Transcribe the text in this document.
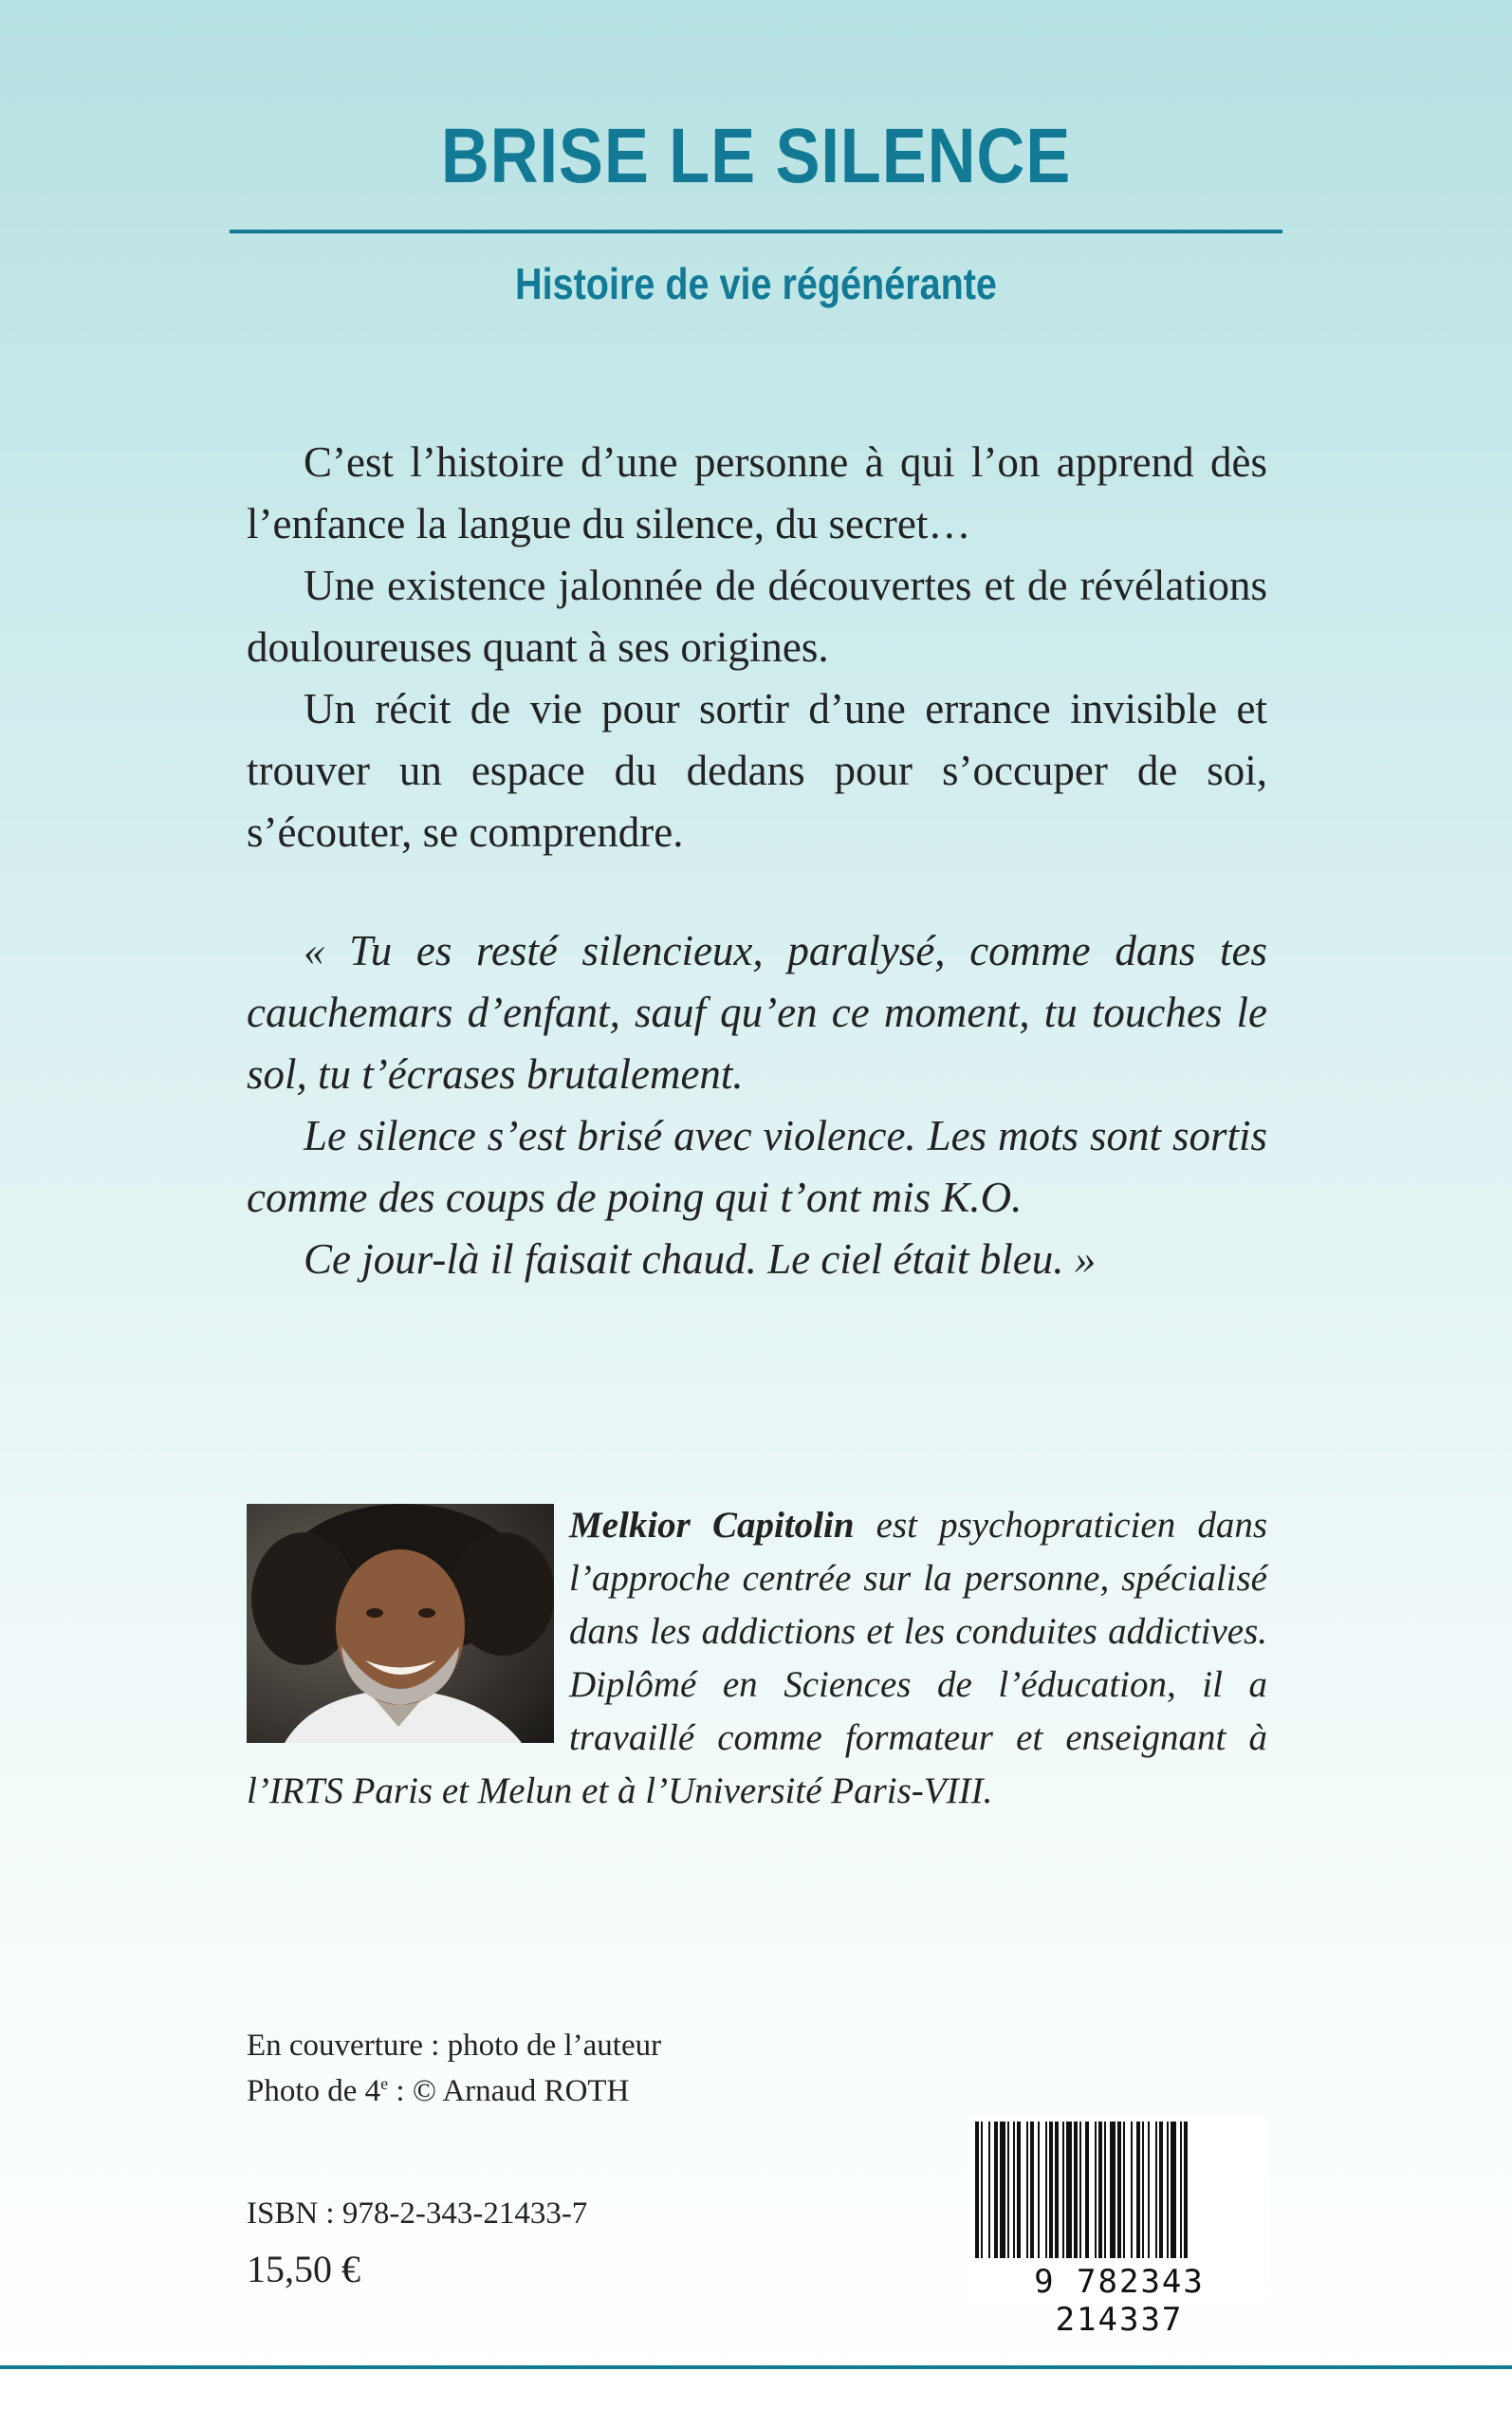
BRISE LE SILENCE
Histoire de vie régénérante

C’est l’histoire d’une personne à qui l’on apprend dès l’enfance la langue du silence, du secret…

Une existence jalonnée de découvertes et de révélations douloureuses quant à ses origines.

Un récit de vie pour sortir d’une errance invisible et trouver un espace du dedans pour s’occuper de soi, s’écouter, se comprendre.

« Tu es resté silencieux, paralysé, comme dans tes cauchemars d’enfant, sauf qu’en ce moment, tu touches le sol, tu t’écrases brutalement.

Le silence s’est brisé avec violence. Les mots sont sortis comme des coups de poing qui t’ont mis K.O.

Ce jour-là il faisait chaud. Le ciel était bleu. »

Melkior Capitolin est psychopraticien dans l’approche centrée sur la personne, spécialisé dans les addictions et les conduites addictives. Diplômé en Sciences de l’éducation, il a travaillé comme formateur et enseignant à l’IRTS Paris et Melun et à l’Université Paris-VIII.

En couverture : photo de l’auteur
Photo de 4e : © Arnaud ROTH
ISBN : 978-2-343-21433-7
15,50 €	9 782343 214337
